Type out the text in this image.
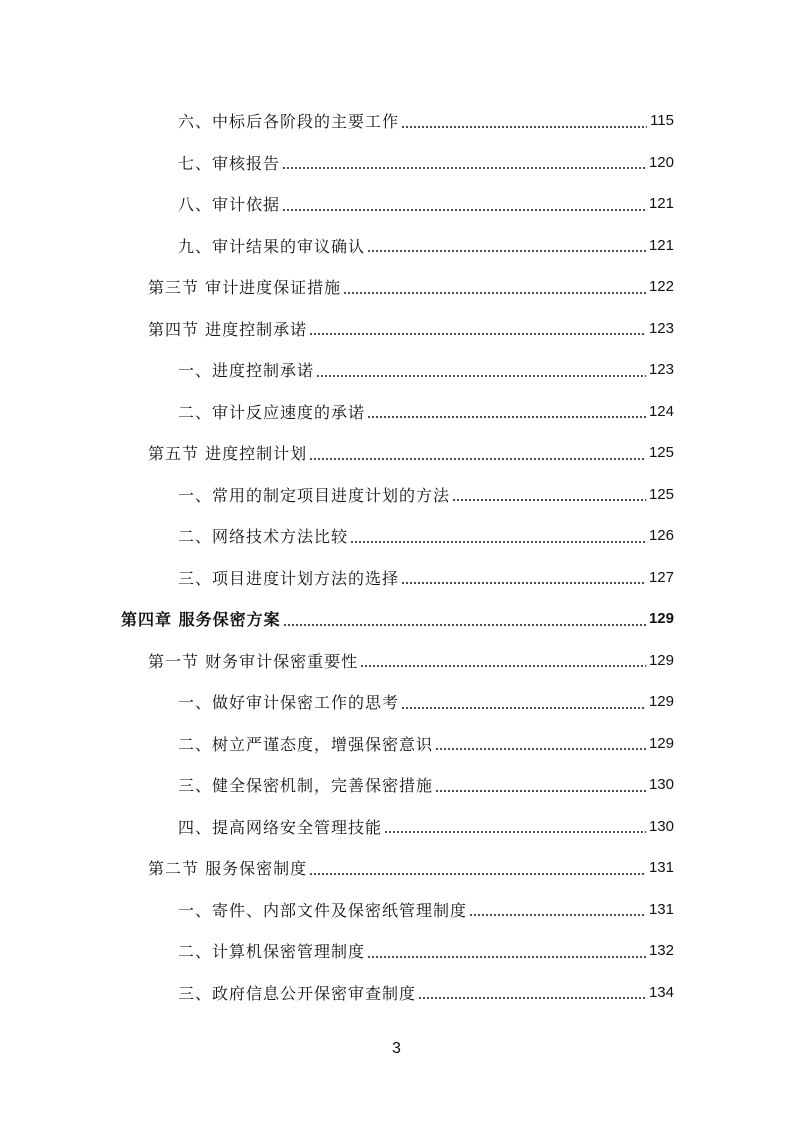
六、中标后各阶段的主要工作	115
七、审核报告	120
八、审计依据	121
九、审计结果的审议确认	121
第三节 审计进度保证措施	122
第四节 进度控制承诺	123
一、进度控制承诺	123
二、审计反应速度的承诺	124
第五节 进度控制计划	125
一、常用的制定项目进度计划的方法	125
二、网络技术方法比较	126
三、项目进度计划方法的选择	127
第四章 服务保密方案	129
第一节 财务审计保密重要性	129
一、做好审计保密工作的思考	129
二、树立严谨态度，增强保密意识	129
三、健全保密机制，完善保密措施	130
四、提高网络安全管理技能	130
第二节 服务保密制度	131
一、寄件、内部文件及保密纸管理制度	131
二、计算机保密管理制度	132
三、政府信息公开保密审查制度	134
3
